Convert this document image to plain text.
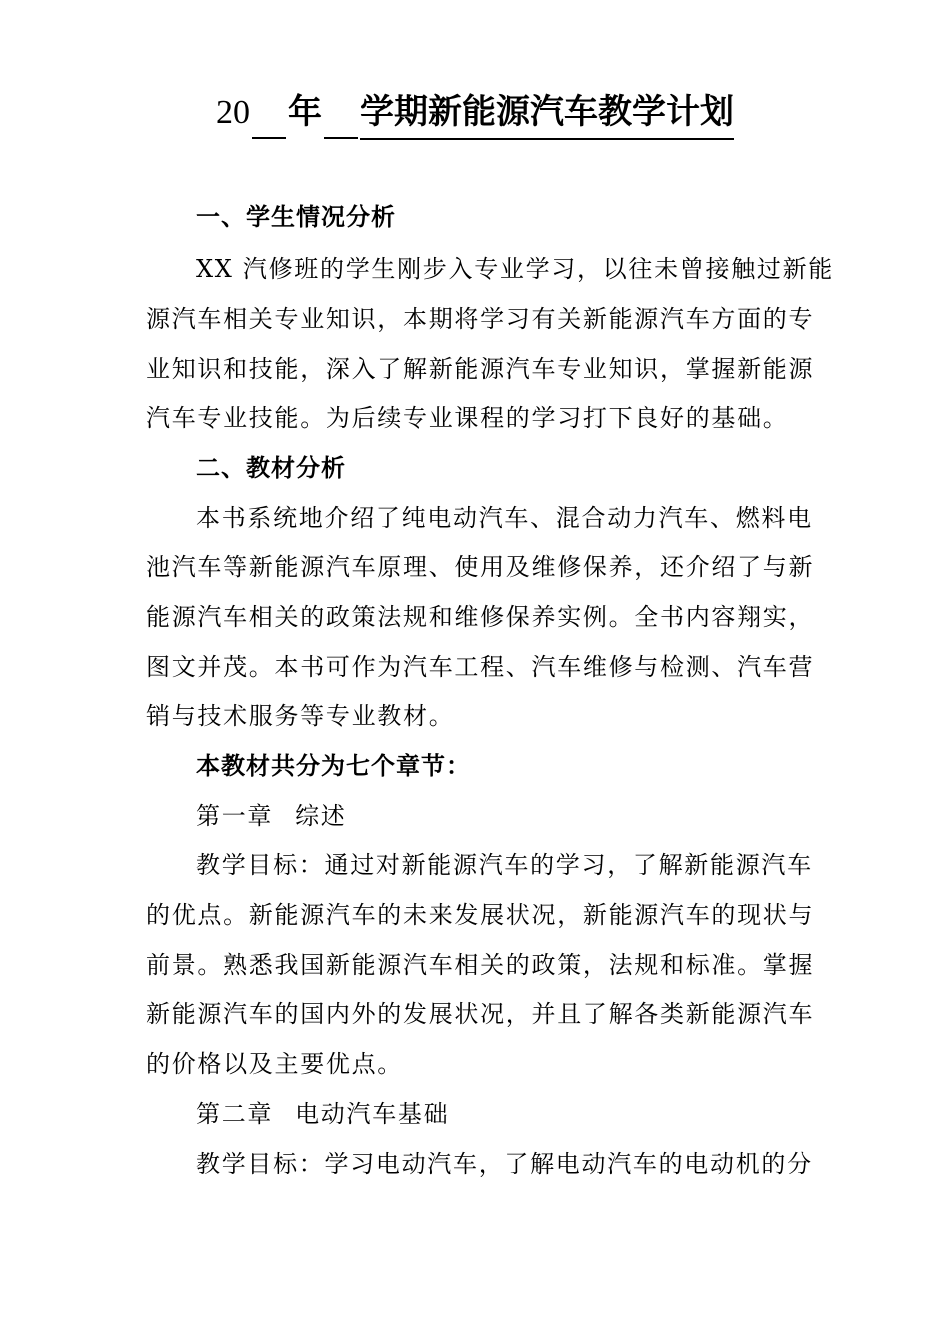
20 年 学期新能源汽车教学计划
一、学生情况分析
XX 汽修班的学生刚步入专业学习，以往未曾接触过新能
源汽车相关专业知识，本期将学习有关新能源汽车方面的专
业知识和技能，深入了解新能源汽车专业知识，掌握新能源
汽车专业技能。为后续专业课程的学习打下良好的基础。
二、教材分析
本书系统地介绍了纯电动汽车、混合动力汽车、燃料电
池汽车等新能源汽车原理、使用及维修保养，还介绍了与新
能源汽车相关的政策法规和维修保养实例。全书内容翔实，
图文并茂。本书可作为汽车工程、汽车维修与检测、汽车营
销与技术服务等专业教材。
本教材共分为七个章节：
第一章 综述
教学目标：通过对新能源汽车的学习，了解新能源汽车
的优点。新能源汽车的未来发展状况，新能源汽车的现状与
前景。熟悉我国新能源汽车相关的政策，法规和标准。掌握
新能源汽车的国内外的发展状况，并且了解各类新能源汽车
的价格以及主要优点。
第二章 电动汽车基础
教学目标：学习电动汽车，了解电动汽车的电动机的分
